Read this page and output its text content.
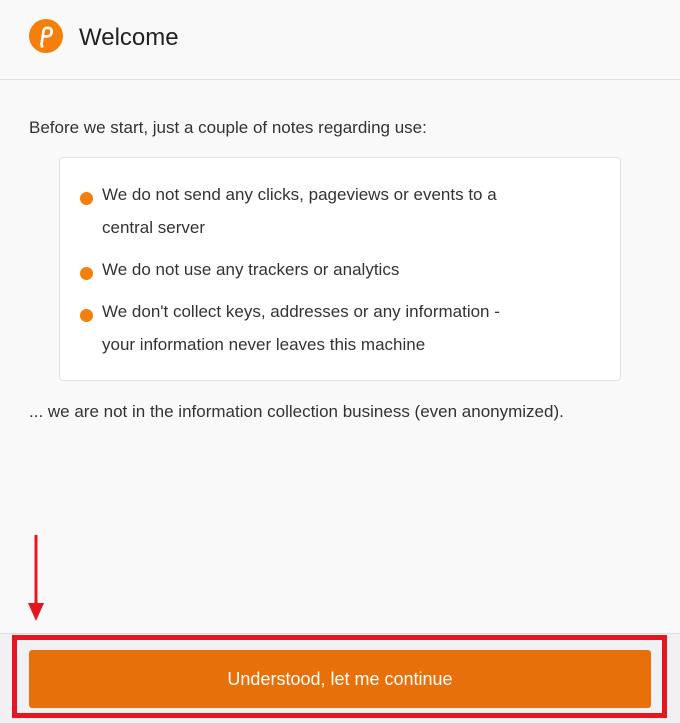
Welcome
Before we start, just a couple of notes regarding use:
We do not send any clicks, pageviews or events to a
central server
We do not use any trackers or analytics
We don't collect keys, addresses or any information -
your information never leaves this machine
... we are not in the information collection business (even anonymized).
Understood, let me continue
